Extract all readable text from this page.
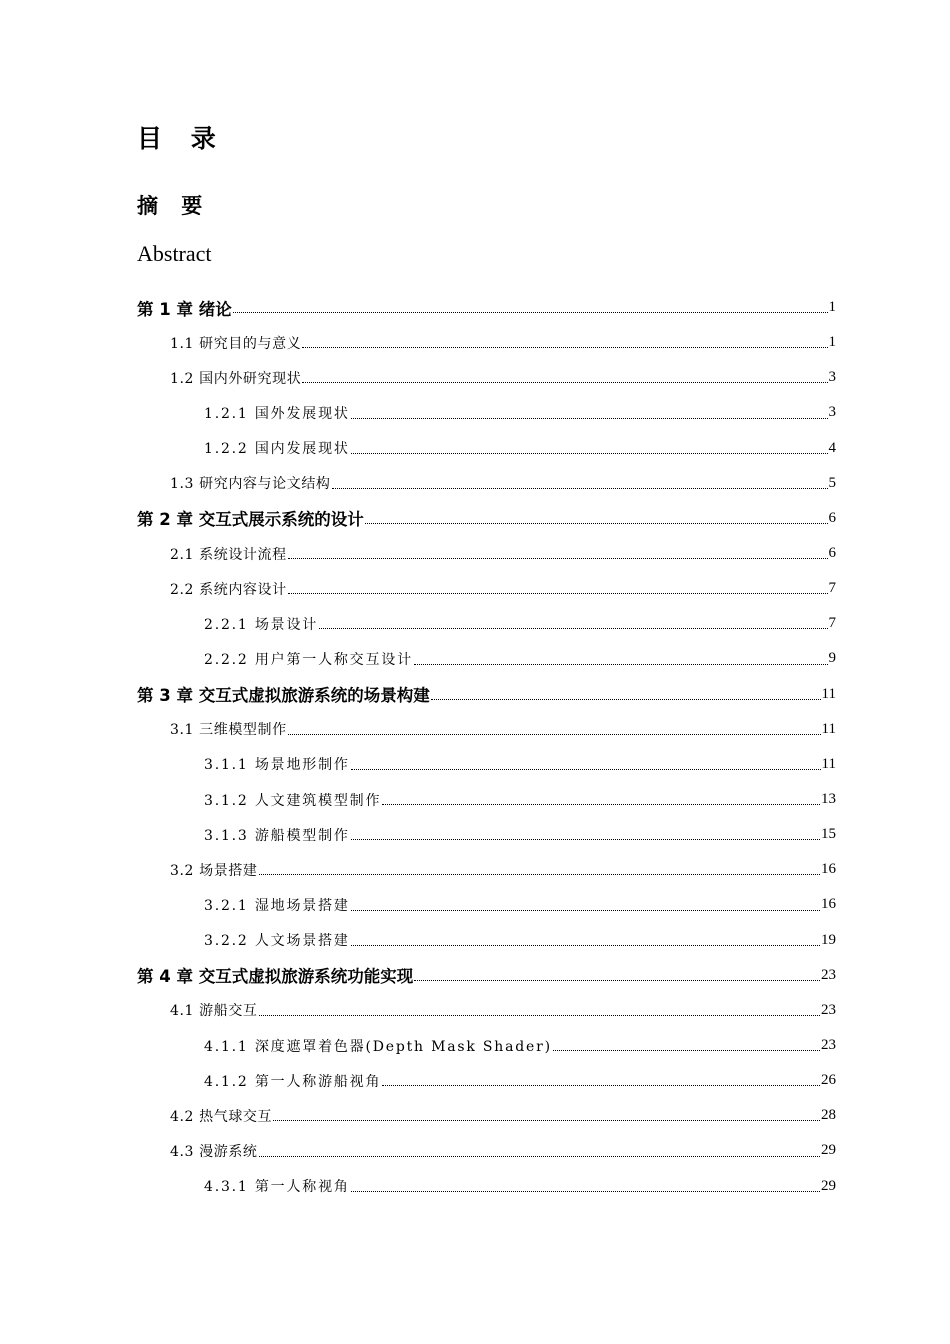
目 录
摘 要
Abstract
第 1 章 绪论	1
1.1 研究目的与意义	1
1.2 国内外研究现状	3
1.2.1 国外发展现状	3
1.2.2 国内发展现状	4
1.3 研究内容与论文结构	5
第 2 章 交互式展示系统的设计	6
2.1 系统设计流程	6
2.2 系统内容设计	7
2.2.1 场景设计	7
2.2.2 用户第一人称交互设计	9
第 3 章 交互式虚拟旅游系统的场景构建	11
3.1 三维模型制作	11
3.1.1 场景地形制作	11
3.1.2 人文建筑模型制作	13
3.1.3 游船模型制作	15
3.2 场景搭建	16
3.2.1 湿地场景搭建	16
3.2.2 人文场景搭建	19
第 4 章 交互式虚拟旅游系统功能实现	23
4.1 游船交互	23
4.1.1 深度遮罩着色器(Depth Mask Shader)	23
4.1.2 第一人称游船视角	26
4.2 热气球交互	28
4.3 漫游系统	29
4.3.1 第一人称视角	29
